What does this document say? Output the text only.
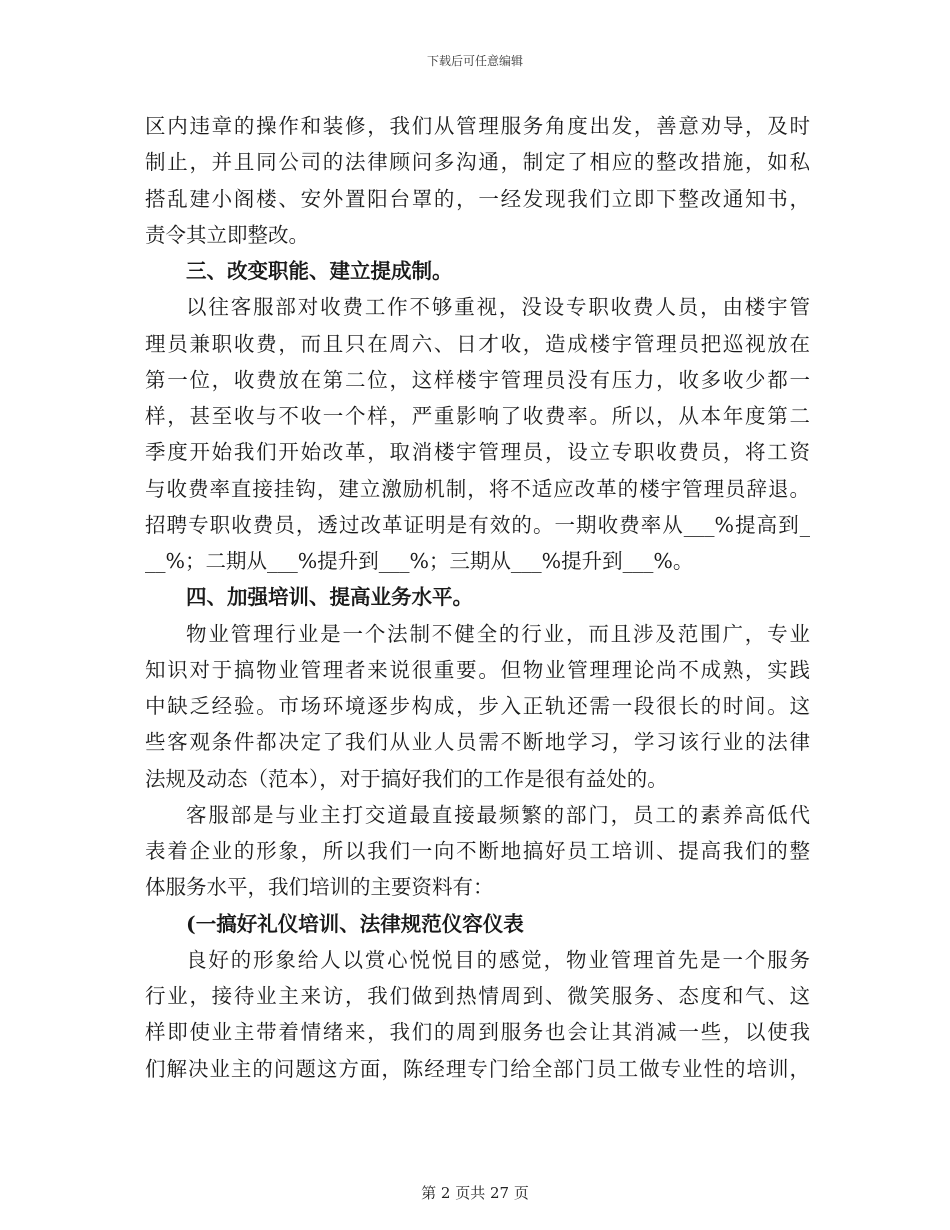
下载后可任意编辑
区内违章的操作和装修，我们从管理服务角度出发，善意劝导，及时
制止，并且同公司的法律顾问多沟通，制定了相应的整改措施，如私
搭乱建小阁楼、安外置阳台罩的，一经发现我们立即下整改通知书，
责令其立即整改。
三、改变职能、建立提成制。
以往客服部对收费工作不够重视，没设专职收费人员，由楼宇管
理员兼职收费，而且只在周六、日才收，造成楼宇管理员把巡视放在
第一位，收费放在第二位，这样楼宇管理员没有压力，收多收少都一
样，甚至收与不收一个样，严重影响了收费率。所以，从本年度第二
季度开始我们开始改革，取消楼宇管理员，设立专职收费员，将工资
与收费率直接挂钩，建立激励机制，将不适应改革的楼宇管理员辞退。
招聘专职收费员，透过改革证明是有效的。一期收费率从___%提高到_
__%；二期从___%提升到___%；三期从___%提升到___%。
四、加强培训、提高业务水平。
物业管理行业是一个法制不健全的行业，而且涉及范围广，专业
知识对于搞物业管理者来说很重要。但物业管理理论尚不成熟，实践
中缺乏经验。市场环境逐步构成，步入正轨还需一段很长的时间。这
些客观条件都决定了我们从业人员需不断地学习，学习该行业的法律
法规及动态（范本），对于搞好我们的工作是很有益处的。
客服部是与业主打交道最直接最频繁的部门，员工的素养高低代
表着企业的形象，所以我们一向不断地搞好员工培训、提高我们的整
体服务水平，我们培训的主要资料有：
(一搞好礼仪培训、法律规范仪容仪表
良好的形象给人以赏心悦悦目的感觉，物业管理首先是一个服务
行业，接待业主来访，我们做到热情周到、微笑服务、态度和气、这
样即使业主带着情绪来，我们的周到服务也会让其消减一些，以使我
们解决业主的问题这方面，陈经理专门给全部门员工做专业性的培训，
第 2 页共 27 页
